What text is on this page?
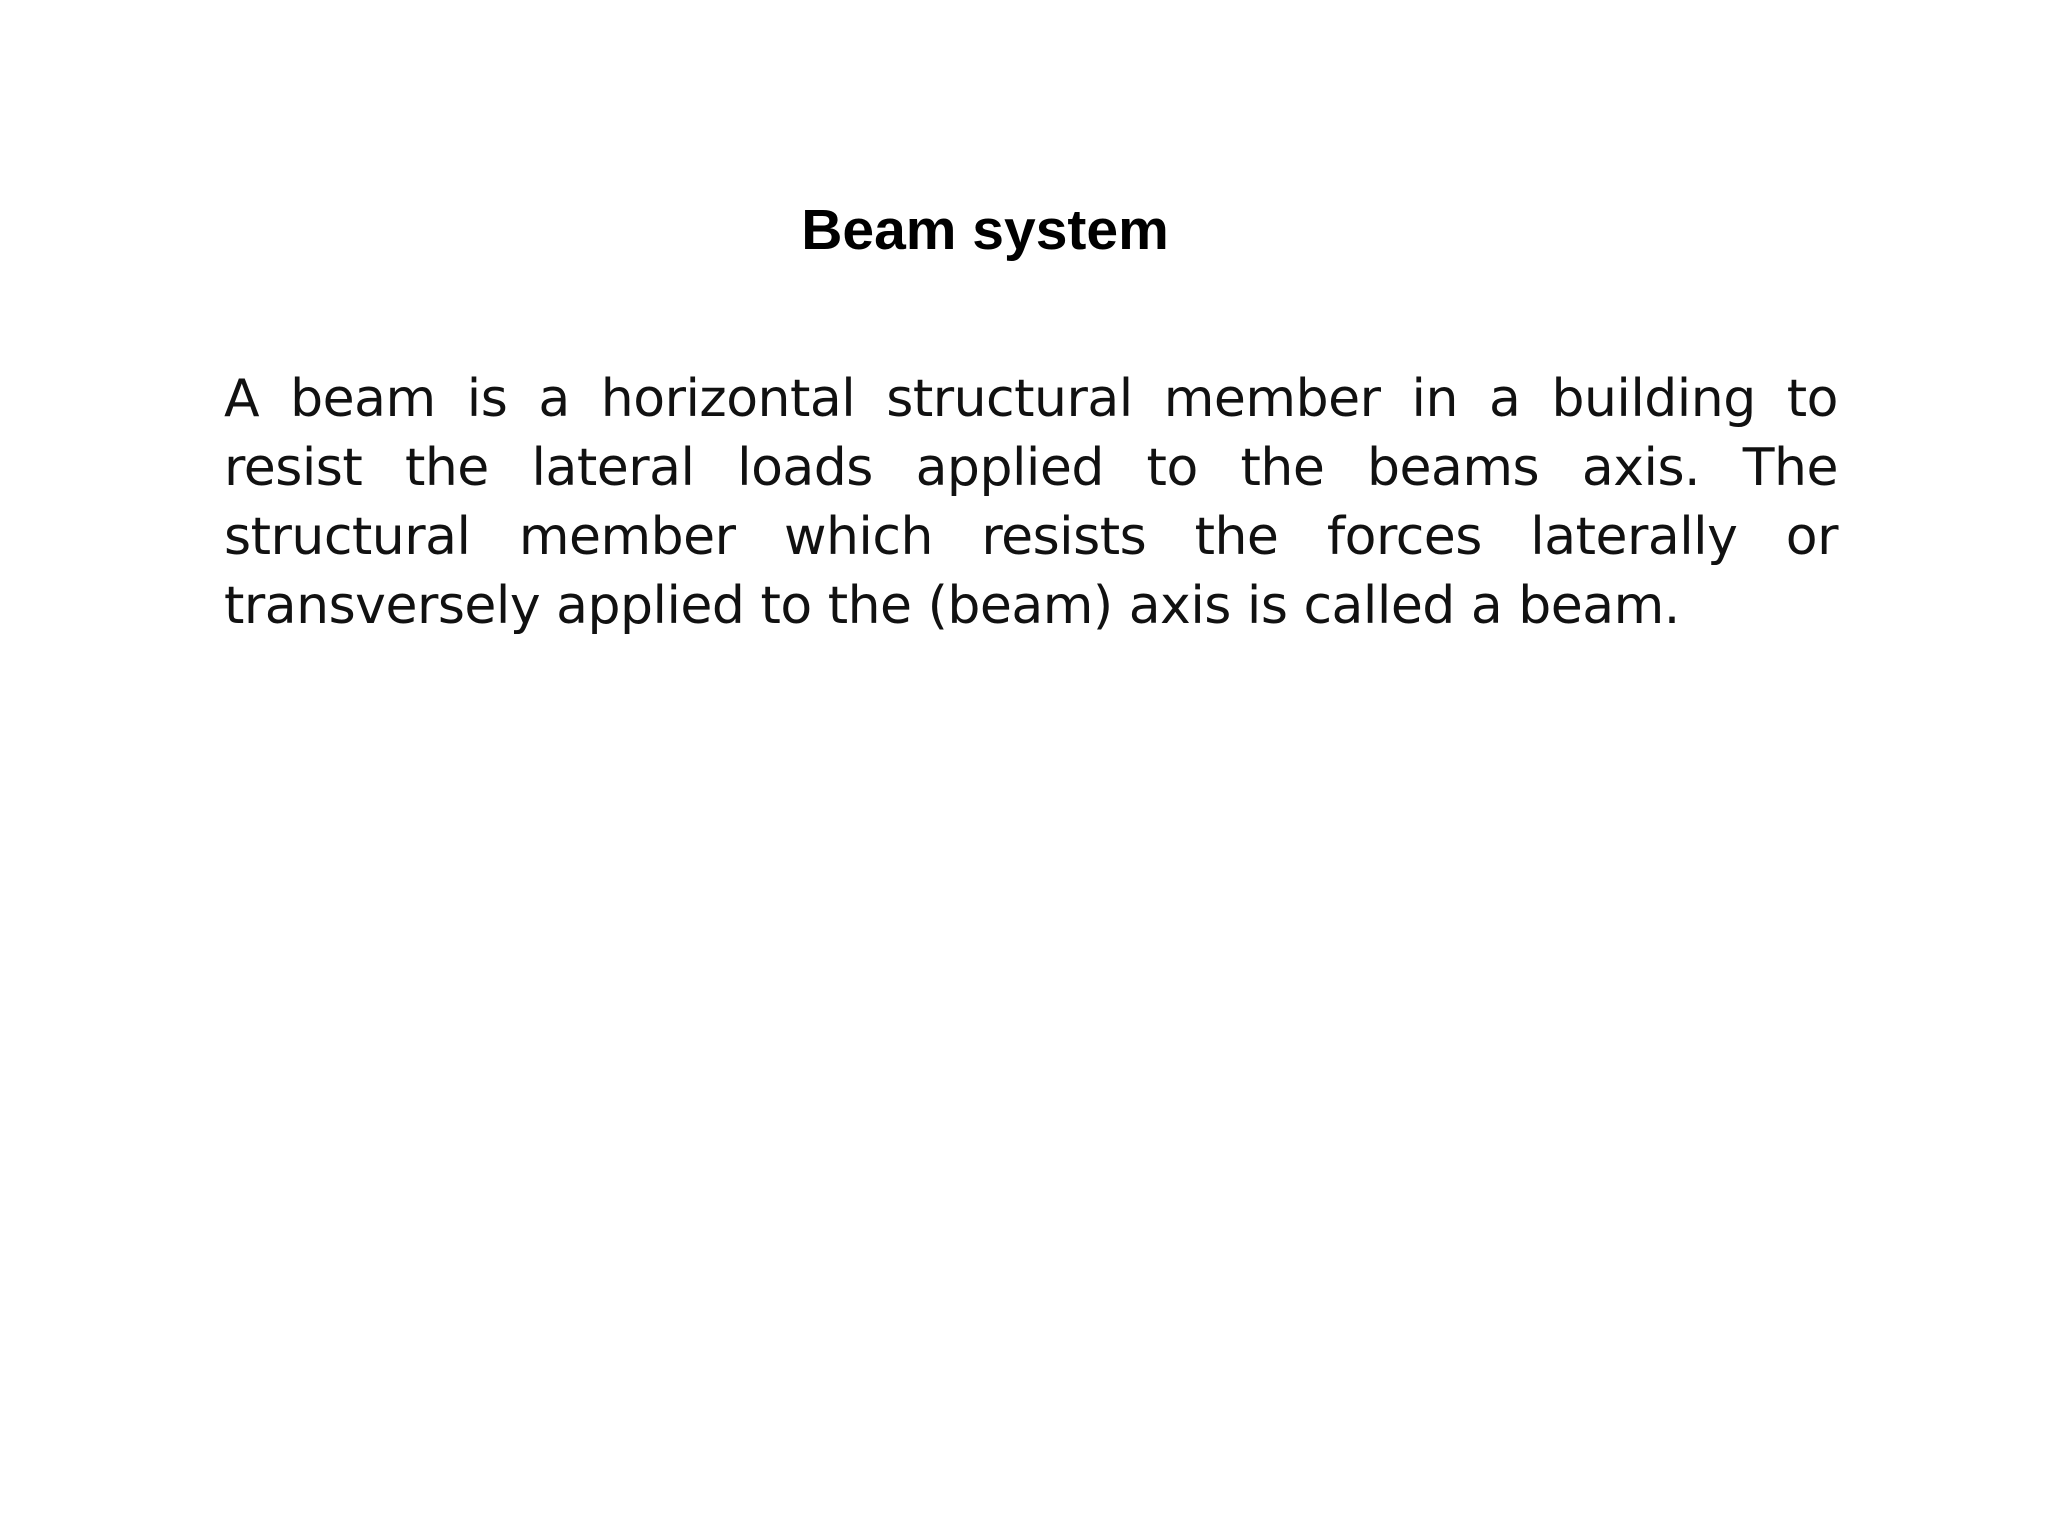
Beam system

A beam is a horizontal structural member in a building to resist the lateral loads applied to the beams axis. The structural member which resists the forces laterally or transversely applied to the (beam) axis is called a beam.
